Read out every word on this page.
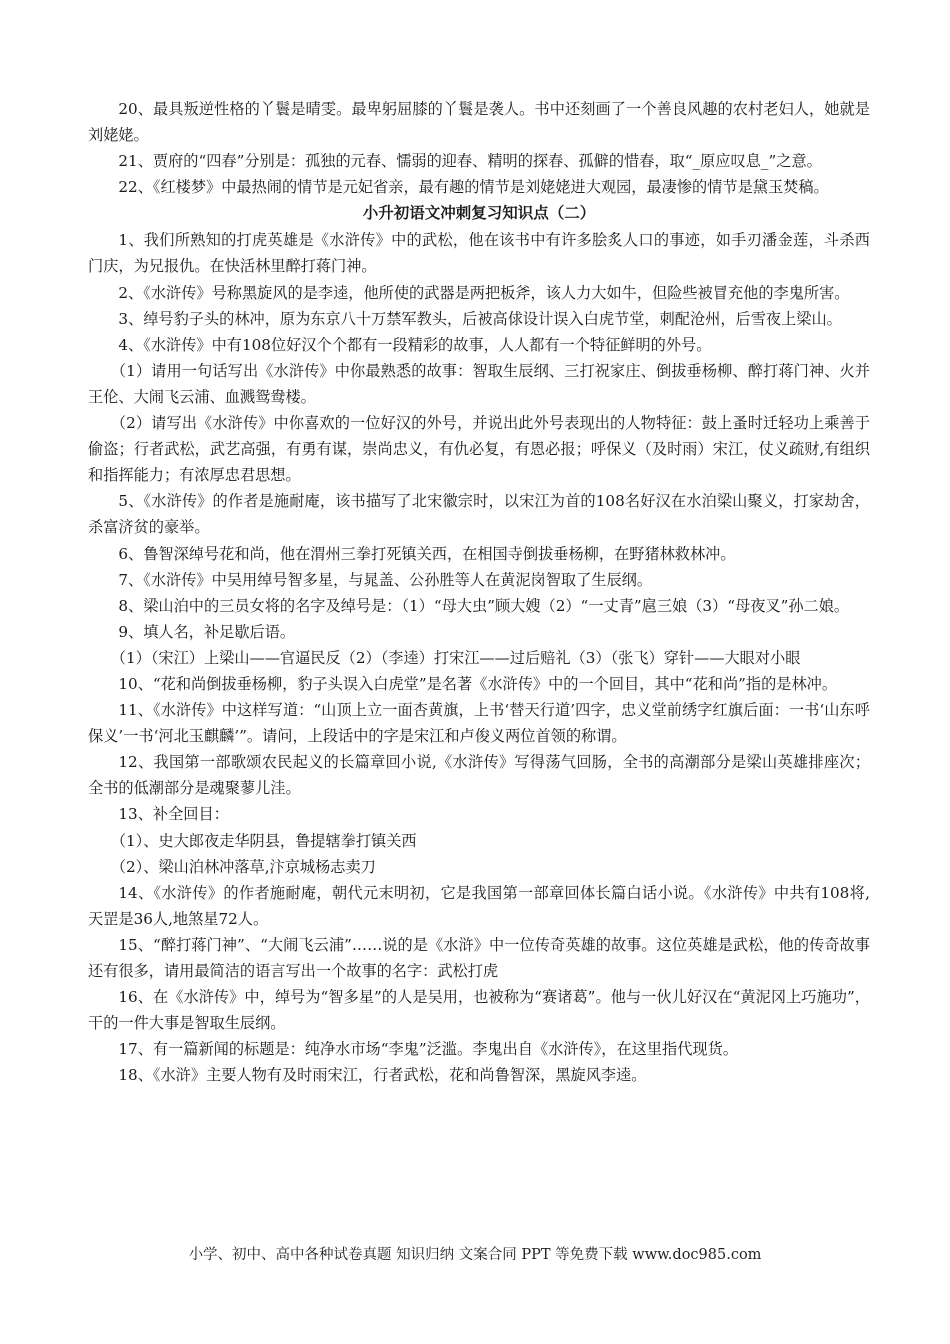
20、最具叛逆性格的丫鬟是晴雯。最卑躬屈膝的丫鬟是袭人。书中还刻画了一个善良风趣的农村老妇人，她就是刘姥姥。

21、贾府的“四春”分别是：孤独的元春、懦弱的迎春、精明的探春、孤僻的惜春，取“_原应叹息_”之意。

22、《红楼梦》中最热闹的情节是元妃省亲，最有趣的情节是刘姥姥进大观园，最凄惨的情节是黛玉焚稿。

小升初语文冲刺复习知识点（二）

1、我们所熟知的打虎英雄是《水浒传》中的武松，他在该书中有许多脍炙人口的事迹，如手刃潘金莲，斗杀西门庆，为兄报仇。在快活林里醉打蒋门神。

2、《水浒传》号称黑旋风的是李逵，他所使的武器是两把板斧，该人力大如牛，但险些被冒充他的李鬼所害。

3、绰号豹子头的林冲，原为东京八十万禁军教头，后被高俅设计误入白虎节堂，刺配沧州，后雪夜上梁山。

4、《水浒传》中有108位好汉个个都有一段精彩的故事，人人都有一个特征鲜明的外号。

（1）请用一句话写出《水浒传》中你最熟悉的故事：智取生辰纲、三打祝家庄、倒拔垂杨柳、醉打蒋门神、火并王伦、大闹飞云浦、血溅鸳鸯楼。

（2）请写出《水浒传》中你喜欢的一位好汉的外号，并说出此外号表现出的人物特征：鼓上蚤时迁轻功上乘善于偷盗；行者武松，武艺高强，有勇有谋，崇尚忠义，有仇必复，有恩必报；呼保义（及时雨）宋江，仗义疏财,有组织和指挥能力；有浓厚忠君思想。

5、《水浒传》的作者是施耐庵，该书描写了北宋徽宗时，以宋江为首的108名好汉在水泊梁山聚义，打家劫舍，杀富济贫的豪举。

6、鲁智深绰号花和尚，他在渭州三拳打死镇关西，在相国寺倒拔垂杨柳，在野猪林救林冲。

7、《水浒传》中吴用绰号智多星，与晁盖、公孙胜等人在黄泥岗智取了生辰纲。

8、梁山泊中的三员女将的名字及绰号是：（1）“母大虫”顾大嫂（2）“一丈青”扈三娘（3）“母夜叉”孙二娘。

9、填人名，补足歇后语。

（1）（宋江）上梁山——官逼民反（2）（李逵）打宋江——过后赔礼（3）（张飞）穿针——大眼对小眼

10、“花和尚倒拔垂杨柳，豹子头误入白虎堂”是名著《水浒传》中的一个回目，其中“花和尚”指的是林冲。

11、《水浒传》中这样写道：“山顶上立一面杏黄旗，上书‘替天行道’四字，忠义堂前绣字红旗后面：一书‘山东呼保义’一书‘河北玉麒麟’”。请问，上段话中的字是宋江和卢俊义两位首领的称谓。

12、我国第一部歌颂农民起义的长篇章回小说,《水浒传》写得荡气回肠，全书的高潮部分是梁山英雄排座次；全书的低潮部分是魂聚蓼儿洼。

13、补全回目：

（1）、史大郎夜走华阴县，鲁提辖拳打镇关西

（2）、梁山泊林冲落草,汴京城杨志卖刀

14、《水浒传》的作者施耐庵，朝代元末明初，它是我国第一部章回体长篇白话小说。《水浒传》中共有108将,天罡是36人,地煞星72人。

15、“醉打蒋门神”、“大闹飞云浦”……说的是《水浒》中一位传奇英雄的故事。这位英雄是武松，他的传奇故事还有很多，请用最简洁的语言写出一个故事的名字：武松打虎

16、在《水浒传》中，绰号为“智多星”的人是吴用，也被称为“赛诸葛”。他与一伙儿好汉在“黄泥冈上巧施功”，干的一件大事是智取生辰纲。

17、有一篇新闻的标题是：纯净水市场“李鬼”泛滥。李鬼出自《水浒传》，在这里指代现货。

18、《水浒》主要人物有及时雨宋江，行者武松，花和尚鲁智深，黑旋风李逵。

小学、初中、高中各种试卷真题 知识归纳 文案合同 PPT 等免费下载 www.doc985.com
